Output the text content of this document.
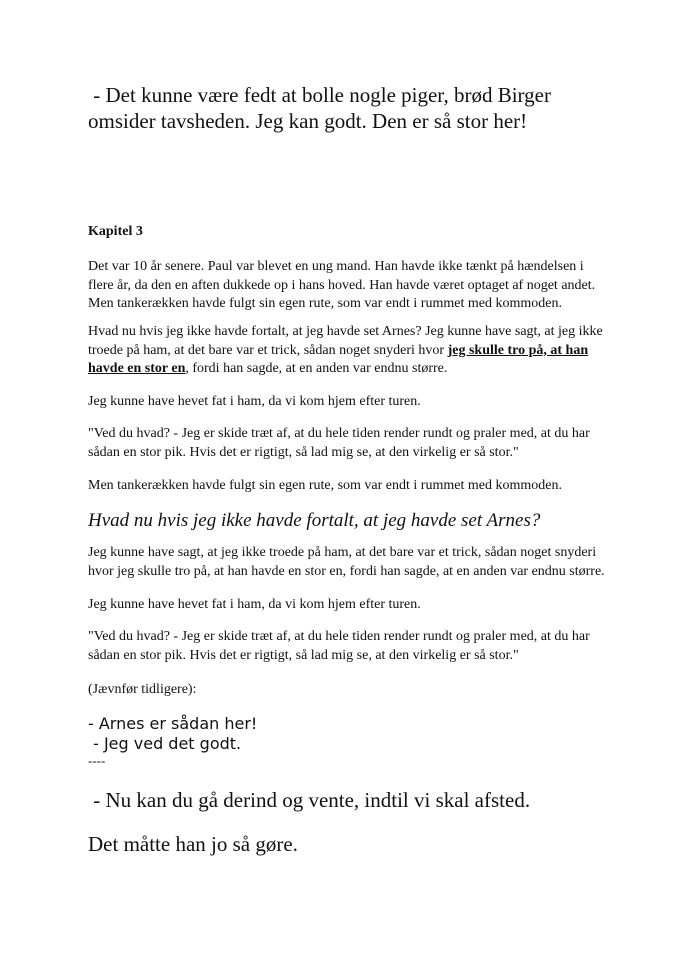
- Det kunne være fedt at bolle nogle piger, brød Birger
omsider tavsheden. Jeg kan godt. Den er så stor her!
Kapitel 3
Det var 10 år senere. Paul var blevet en ung mand. Han havde ikke tænkt på hændelsen i flere år, da den en aften dukkede op i hans hoved. Han havde været optaget af noget andet. Men tankerækken havde fulgt sin egen rute, som var endt i rummet med kommoden.
Hvad nu hvis jeg ikke havde fortalt, at jeg havde set Arnes? Jeg kunne have sagt, at jeg ikke troede på ham, at det bare var et trick, sådan noget snyderi hvor jeg skulle tro på, at han havde en stor en, fordi han sagde, at en anden var endnu større.
Jeg kunne have hevet fat i ham, da vi kom hjem efter turen.
"Ved du hvad? - Jeg er skide træt af, at du hele tiden render rundt og praler med, at du har sådan en stor pik. Hvis det er rigtigt, så lad mig se, at den virkelig er så stor."
Men tankerækken havde fulgt sin egen rute, som var endt i rummet med kommoden.
Hvad nu hvis jeg ikke havde fortalt, at jeg havde set Arnes?
Jeg kunne have sagt, at jeg ikke troede på ham, at det bare var et trick, sådan noget snyderi hvor jeg skulle tro på, at han havde en stor en, fordi han sagde, at en anden var endnu større.
Jeg kunne have hevet fat i ham, da vi kom hjem efter turen.
"Ved du hvad? - Jeg er skide træt af, at du hele tiden render rundt og praler med, at du har sådan en stor pik. Hvis det er rigtigt, så lad mig se, at den virkelig er så stor."
(Jævnfør tidligere):
- Arnes er sådan her!
- Jeg ved det godt.
----
- Nu kan du gå derind og vente, indtil vi skal afsted.
Det måtte han jo så gøre.
